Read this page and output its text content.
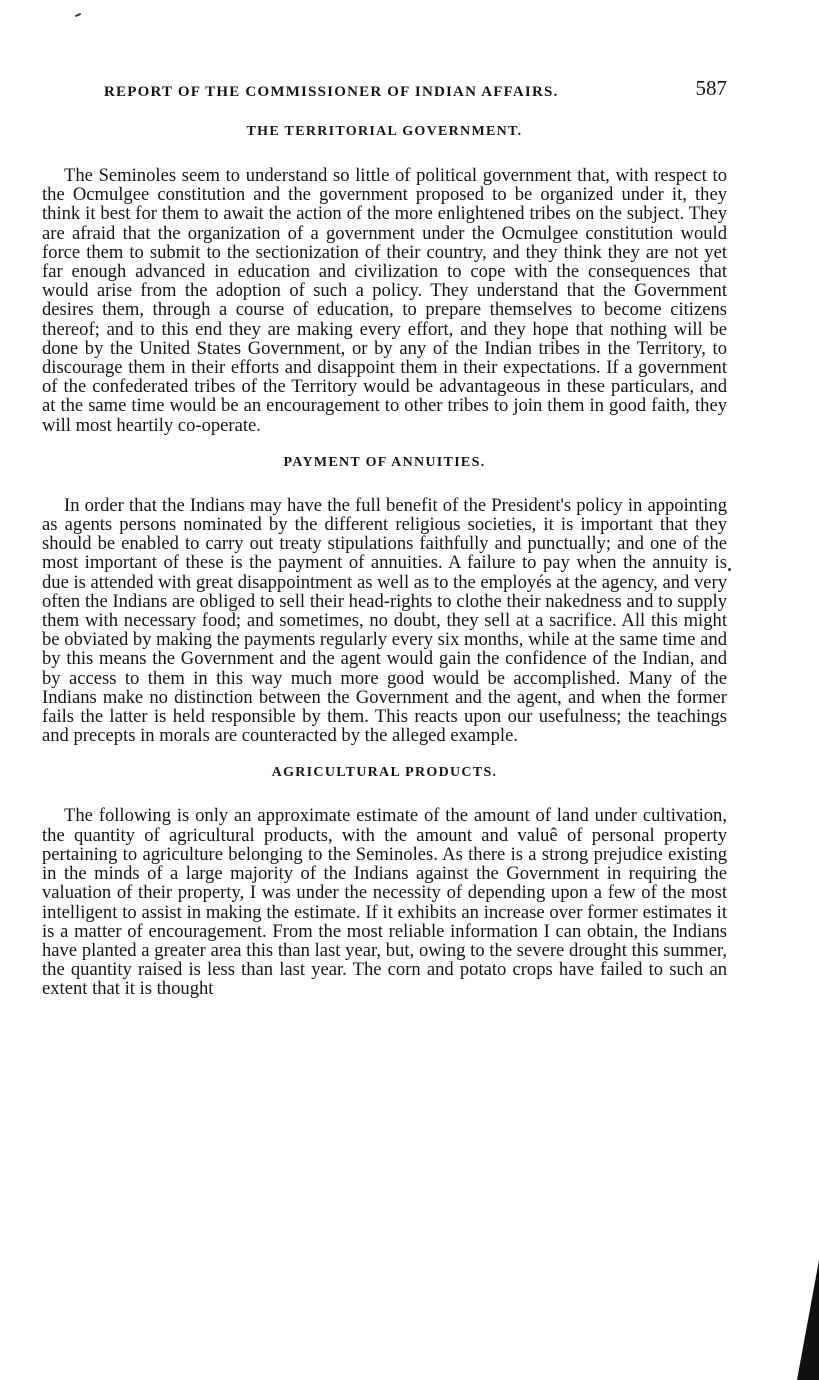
REPORT OF THE COMMISSIONER OF INDIAN AFFAIRS.	587
THE TERRITORIAL GOVERNMENT.

The Seminoles seem to understand so little of political government that, with respect to the Ocmulgee constitution and the government proposed to be organized under it, they think it best for them to await the action of the more enlightened tribes on the subject. They are afraid that the organization of a government under the Ocmulgee constitution would force them to submit to the sectionization of their country, and they think they are not yet far enough advanced in education and civilization to cope with the consequences that would arise from the adoption of such a policy. They understand that the Government desires them, through a course of education, to prepare themselves to become citizens thereof; and to this end they are making every effort, and they hope that nothing will be done by the United States Government, or by any of the Indian tribes in the Territory, to discourage them in their efforts and disappoint them in their expectations. If a government of the confederated tribes of the Territory would be advantageous in these particulars, and at the same time would be an encouragement to other tribes to join them in good faith, they will most heartily co-operate.

PAYMENT OF ANNUITIES.

In order that the Indians may have the full benefit of the President's policy in appointing as agents persons nominated by the different religious societies, it is important that they should be enabled to carry out treaty stipulations faithfully and punctually; and one of the most important of these is the payment of annuities. A failure to pay when the annuity is due is attended with great disappointment as well as to the employés at the agency, and very often the Indians are obliged to sell their head-rights to clothe their nakedness and to supply them with necessary food; and sometimes, no doubt, they sell at a sacrifice. All this might be obviated by making the payments regularly every six months, while at the same time and by this means the Government and the agent would gain the confidence of the Indian, and by access to them in this way much more good would be accomplished. Many of the Indians make no distinction between the Government and the agent, and when the former fails the latter is held responsible by them. This reacts upon our usefulness; the teachings and precepts in morals are counteracted by the alleged example.

AGRICULTURAL PRODUCTS.

The following is only an approximate estimate of the amount of land under cultivation, the quantity of agricultural products, with the amount and valuê of personal property pertaining to agriculture belonging to the Seminoles. As there is a strong prejudice existing in the minds of a large majority of the Indians against the Government in requiring the valuation of their property, I was under the necessity of depending upon a few of the most intelligent to assist in making the estimate. If it exhibits an increase over former estimates it is a matter of encouragement. From the most reliable information I can obtain, the Indians have planted a greater area this than last year, but, owing to the severe drought this summer, the quantity raised is less than last year. The corn and potato crops have failed to such an extent that it is thought
